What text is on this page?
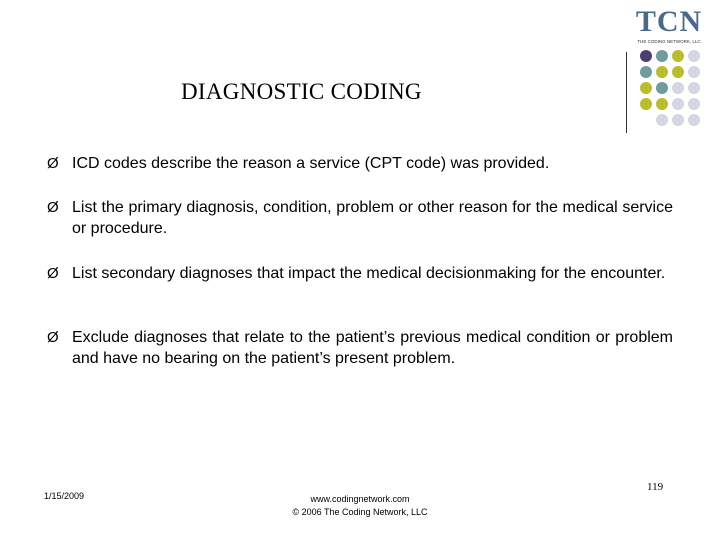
TCN
THE CODING NETWORK, LLC
DIAGNOSTIC CODING
Ø ICD codes describe the reason a service (CPT code) was provided.
Ø List the primary diagnosis, condition, problem or other reason for the medical service or procedure.
Ø List secondary diagnoses that impact the medical decisionmaking for the encounter.
Ø Exclude diagnoses that relate to the patient’s previous medical condition or problem and have no bearing on the patient’s present problem.
1/15/2009	www.codingnetwork.com
© 2006 The Coding Network, LLC
119
